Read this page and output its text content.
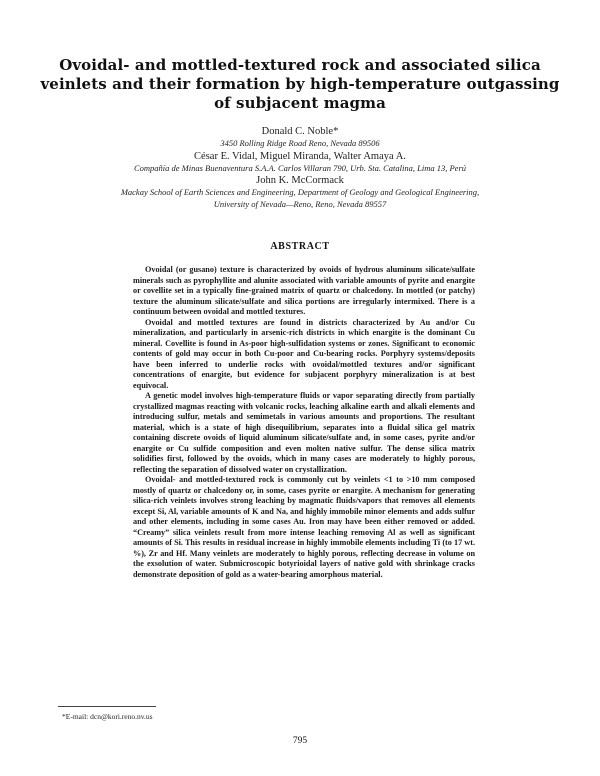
Ovoidal- and mottled-textured rock and associated silica veinlets and their formation by high-temperature outgassing of subjacent magma

Donald C. Noble*

3450 Rolling Ridge Road Reno, Nevada 89506

César E. Vidal, Miguel Miranda, Walter Amaya A.

Compañía de Minas Buenaventura S.A.A. Carlos Villaran 790, Urb. Sta. Catalina, Lima 13, Perú

John K. McCormack

Mackay School of Earth Sciences and Engineering, Department of Geology and Geological Engineering,

University of Nevada—Reno, Reno, Nevada 89557

ABSTRACT

Ovoidal (or gusano) texture is characterized by ovoids of hydrous aluminum silicate/sulfate minerals such as pyrophyllite and alunite associated with variable amounts of pyrite and enargite or covellite set in a typically fine-grained matrix of quartz or chalcedony. In mottled (or patchy) texture the aluminum silicate/sulfate and silica portions are irregularly intermixed. There is a continuum between ovoidal and mottled textures.

Ovoidal and mottled textures are found in districts characterized by Au and/or Cu mineralization, and particularly in arsenic-rich districts in which enargite is the dominant Cu mineral. Covellite is found in As-poor high-sulfidation systems or zones. Significant to economic contents of gold may occur in both Cu-poor and Cu-bearing rocks. Porphyry systems/deposits have been inferred to underlie rocks with ovoidal/mottled textures and/or significant concentrations of enargite, but evidence for subjacent porphyry mineralization is at best equivocal.

A genetic model involves high-temperature fluids or vapor separating directly from partially crystallized magmas reacting with volcanic rocks, leaching alkaline earth and alkali elements and introducing sulfur, metals and semimetals in various amounts and proportions. The resultant material, which is a state of high disequilibrium, separates into a fluidal silica gel matrix containing discrete ovoids of liquid aluminum silicate/sulfate and, in some cases, pyrite and/or enargite or Cu sulfide composition and even molten native sulfur. The dense silica matrix solidifies first, followed by the ovoids, which in many cases are moderately to highly porous, reflecting the separation of dissolved water on crystallization.

Ovoidal- and mottled-textured rock is commonly cut by veinlets <1 to >10 mm composed mostly of quartz or chalcedony or, in some, cases pyrite or enargite. A mechanism for generating silica-rich veinlets involves strong leaching by magmatic fluids/vapors that removes all elements except Si, Al, variable amounts of K and Na, and highly immobile minor elements and adds sulfur and other elements, including in some cases Au. Iron may have been either removed or added. “Creamy” silica veinlets result from more intense leaching removing Al as well as significant amounts of Si. This results in residual increase in highly immobile elements including Ti (to 17 wt. %), Zr and Hf. Many veinlets are moderately to highly porous, reflecting decrease in volume on the exsolution of water. Submicroscopic botyrioidal layers of native gold with shrinkage cracks demonstrate deposition of gold as a water-bearing amorphous material.

*E-mail: dcn@kori.reno.nv.us

795
